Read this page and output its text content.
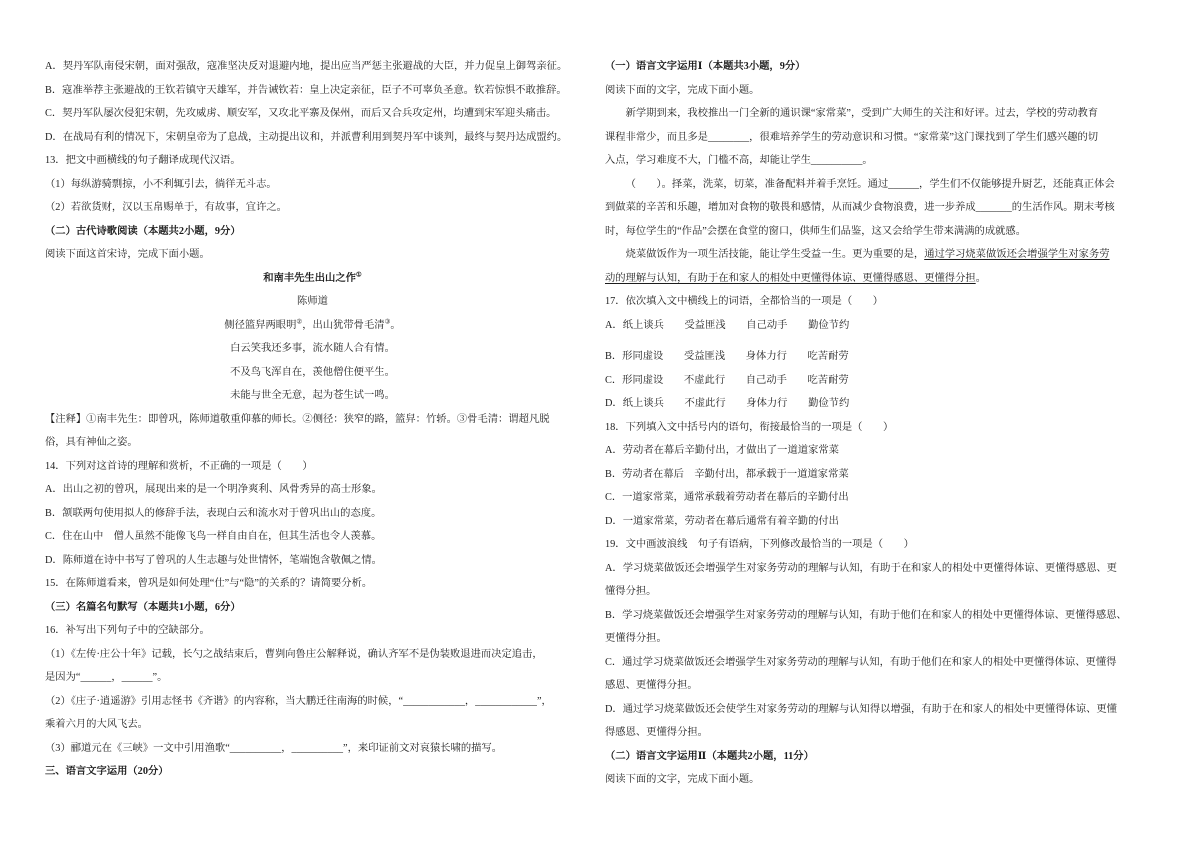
A．契丹军队南侵宋朝，面对强敌，寇准坚决反对退避内地，提出应当严惩主张避战的大臣，并力促皇上御驾亲征。
B．寇准举荐主张避战的王钦若镇守天雄军，并告诫钦若：皇上决定亲征，臣子不可辜负圣意。钦若惊惧不敢推辞。
C．契丹军队屡次侵犯宋朝，先攻威虏、顺安军，又攻北平寨及保州，而后又合兵攻定州，均遭到宋军迎头痛击。
D．在战局有利的情况下，宋朝皇帝为了息战，主动提出议和，并派曹利用到契丹军中谈判，最终与契丹达成盟约。
13．把文中画横线的句子翻译成现代汉语。
（1）每纵游骑剽掠，小不利辄引去，徜徉无斗志。
（2）若欲货财，汉以玉帛赐单于，有故事，宜许之。
（二）古代诗歌阅读（本题共2小题，9分）
阅读下面这首宋诗，完成下面小题。
和南丰先生出山之作①
陈师道
侧径篮舁两眼明②，出山犹带骨毛清③。
白云笑我还多事，流水随人合有情。
不及鸟飞浑自在，羡他僧住便平生。
未能与世全无意，起为苍生试一鸣。
【注释】①南丰先生：即曾巩，陈师道敬重仰慕的师长。②侧径：狭窄的路，篮舁：竹轿。③骨毛清：谓超凡脱
俗，具有神仙之姿。
14．下列对这首诗的理解和赏析，不正确的一项是（　　）
A．出山之初的曾巩，展现出来的是一个明净爽利、风骨秀异的高士形象。
B．颔联两句使用拟人的修辞手法，表现白云和流水对于曾巩出山的态度。
C．住在山中　僧人虽然不能像飞鸟一样自由自在，但其生活也令人羡慕。
D．陈师道在诗中书写了曾巩的人生志趣与处世情怀，笔端饱含敬佩之情。
15．在陈师道看来，曾巩是如何处理“仕”与“隐”的关系的？请简要分析。
（三）名篇名句默写（本题共1小题，6分）
16．补写出下列句子中的空缺部分。
（1）《左传·庄公十年》记载，长勺之战结束后，曹刿向鲁庄公解释说，确认齐军不是伪装败退进而决定追击，
是因为“______，______”。
（2）《庄子·逍遥游》引用志怪书《齐谐》的内容称，当大鹏迁往南海的时候，“____________，____________”，
乘着六月的大风飞去。
（3）郦道元在《三峡》一文中引用渔歌“__________，__________”，来印证前文对哀猿长啸的描写。
三、语言文字运用（20分）
（一）语言文字运用Ⅰ（本题共3小题，9分）
阅读下面的文字，完成下面小题。
新学期到来，我校推出一门全新的通识课“家常菜”，受到广大师生的关注和好评。过去，学校的劳动教育
课程非常少，而且多是________，很难培养学生的劳动意识和习惯。“家常菜”这门课找到了学生们感兴趣的切
入点，学习难度不大，门槛不高，却能让学生__________。
（　　）。择菜，洗菜，切菜，准备配料并着手烹饪。通过______，学生们不仅能够提升厨艺，还能真正体会
到做菜的辛苦和乐趣，增加对食物的敬畏和感情，从而减少食物浪费，进一步养成_______的生活作风。期末考核
时，每位学生的“作品”会摆在食堂的窗口，供师生们品鉴，这又会给学生带来满满的成就感。
烧菜做饭作为一项生活技能，能让学生受益一生。更为重要的是，通过学习烧菜做饭还会增强学生对家务劳
动的理解与认知，有助于在和家人的相处中更懂得体谅、更懂得感恩、更懂得分担。
17．依次填入文中横线上的词语，全都恰当的一项是（　　）
A．纸上谈兵　　受益匪浅　　自己动手　　勤俭节约
B．形同虚设　　受益匪浅　　身体力行　　吃苦耐劳
C．形同虚设　　不虚此行　　自己动手　　吃苦耐劳
D．纸上谈兵　　不虚此行　　身体力行　　勤俭节约
18．下列填入文中括号内的语句，衔接最恰当的一项是（　　）
A．劳动者在幕后辛勤付出，才做出了一道道家常菜
B．劳动者在幕后　辛勤付出，都承载于一道道家常菜
C．一道家常菜，通常承载着劳动者在幕后的辛勤付出
D．一道家常菜，劳动者在幕后通常有着辛勤的付出
19．文中画波浪线　句子有语病，下列修改最恰当的一项是（　　）
A．学习烧菜做饭还会增强学生对家务劳动的理解与认知，有助于在和家人的相处中更懂得体谅、更懂得感恩、更
懂得分担。
B．学习烧菜做饭还会增强学生对家务劳动的理解与认知，有助于他们在和家人的相处中更懂得体谅、更懂得感恩、
更懂得分担。
C．通过学习烧菜做饭还会增强学生对家务劳动的理解与认知，有助于他们在和家人的相处中更懂得体谅、更懂得
感恩、更懂得分担。
D．通过学习烧菜做饭还会使学生对家务劳动的理解与认知得以增强，有助于在和家人的相处中更懂得体谅、更懂
得感恩、更懂得分担。
（二）语言文字运用Ⅱ（本题共2小题，11分）
阅读下面的文字，完成下面小题。
